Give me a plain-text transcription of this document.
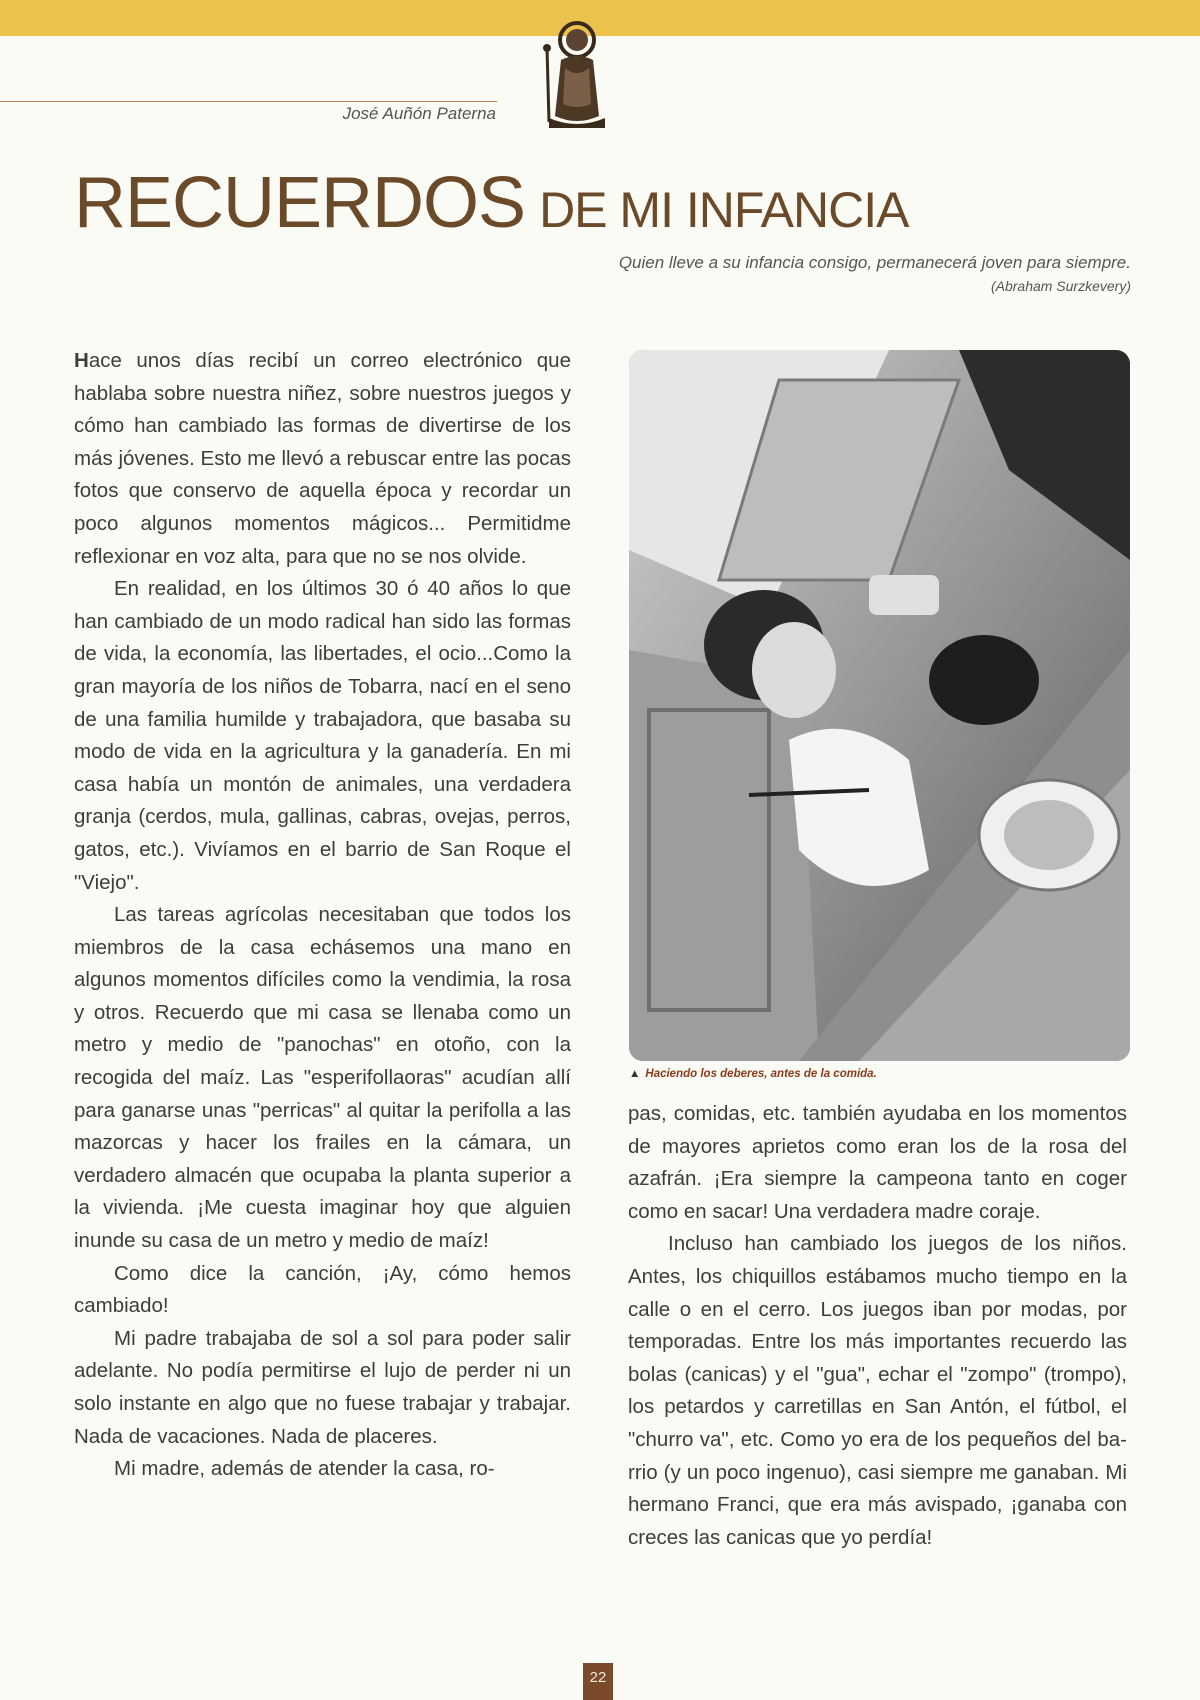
José Auñón Paterna
RECUERDOS DE MI INFANCIA
Quien lleve a su infancia consigo, permanecerá joven para siempre.
(Abraham Surzkevery)

Hace unos días recibí un correo electrónico que hablaba sobre nuestra niñez, sobre nuestros juegos y cómo han cambiado las formas de divertirse de los más jóvenes. Esto me llevó a rebuscar entre las pocas fotos que conservo de aquella época y recordar un poco algunos momentos mágicos... Permitidme reflexionar en voz alta, para que no se nos olvide.

En realidad, en los últimos 30 ó 40 años lo que han cambiado de un modo radical han sido las formas de vida, la economía, las libertades, el ocio...Como la gran mayoría de los niños de Tobarra, nací en el seno de una familia humilde y trabajadora, que basaba su modo de vida en la agricultura y la ganadería. En mi casa había un montón de animales, una verdadera granja (cerdos, mula, gallinas, cabras, ovejas, perros, gatos, etc.). Vivíamos en el barrio de San Roque el "Viejo".

Las tareas agrícolas necesitaban que todos los miembros de la casa echásemos una mano en algunos momentos difíciles como la vendimia, la rosa y otros. Recuerdo que mi casa se llenaba como un metro y medio de "panochas" en otoño, con la recogida del maíz. Las "esperifollaoras" acudían allí para ganarse unas "perricas" al quitar la perifolla a las mazorcas y hacer los frailes en la cámara, un verdadero almacén que ocupaba la planta superior a la vivienda. ¡Me cuesta imaginar hoy que alguien inunde su casa de un metro y medio de maíz!

Como dice la canción, ¡Ay, cómo hemos cambiado!

Mi padre trabajaba de sol a sol para poder salir adelante. No podía permitirse el lujo de perder ni un solo instante en algo que no fuese trabajar y trabajar. Nada de vacaciones. Nada de placeres.

Mi madre, además de atender la casa, ro-

▲ Haciendo los deberes, antes de la comida.

pas, comidas, etc. también ayudaba en los momentos de mayores aprietos como eran los de la rosa del azafrán. ¡Era siempre la campeona tanto en coger como en sacar! Una verdadera madre coraje.

Incluso han cambiado los juegos de los niños. Antes, los chiquillos estábamos mucho tiempo en la calle o en el cerro. Los juegos iban por modas, por temporadas. Entre los más importantes recuerdo las bolas (canicas) y el "gua", echar el "zompo" (trompo), los petardos y carretillas en San Antón, el fútbol, el "churro va", etc. Como yo era de los pequeños del barrio (y un poco ingenuo), casi siempre me ganaban. Mi hermano Franci, que era más avispado, ¡ganaba con creces las canicas que yo perdía!

22
